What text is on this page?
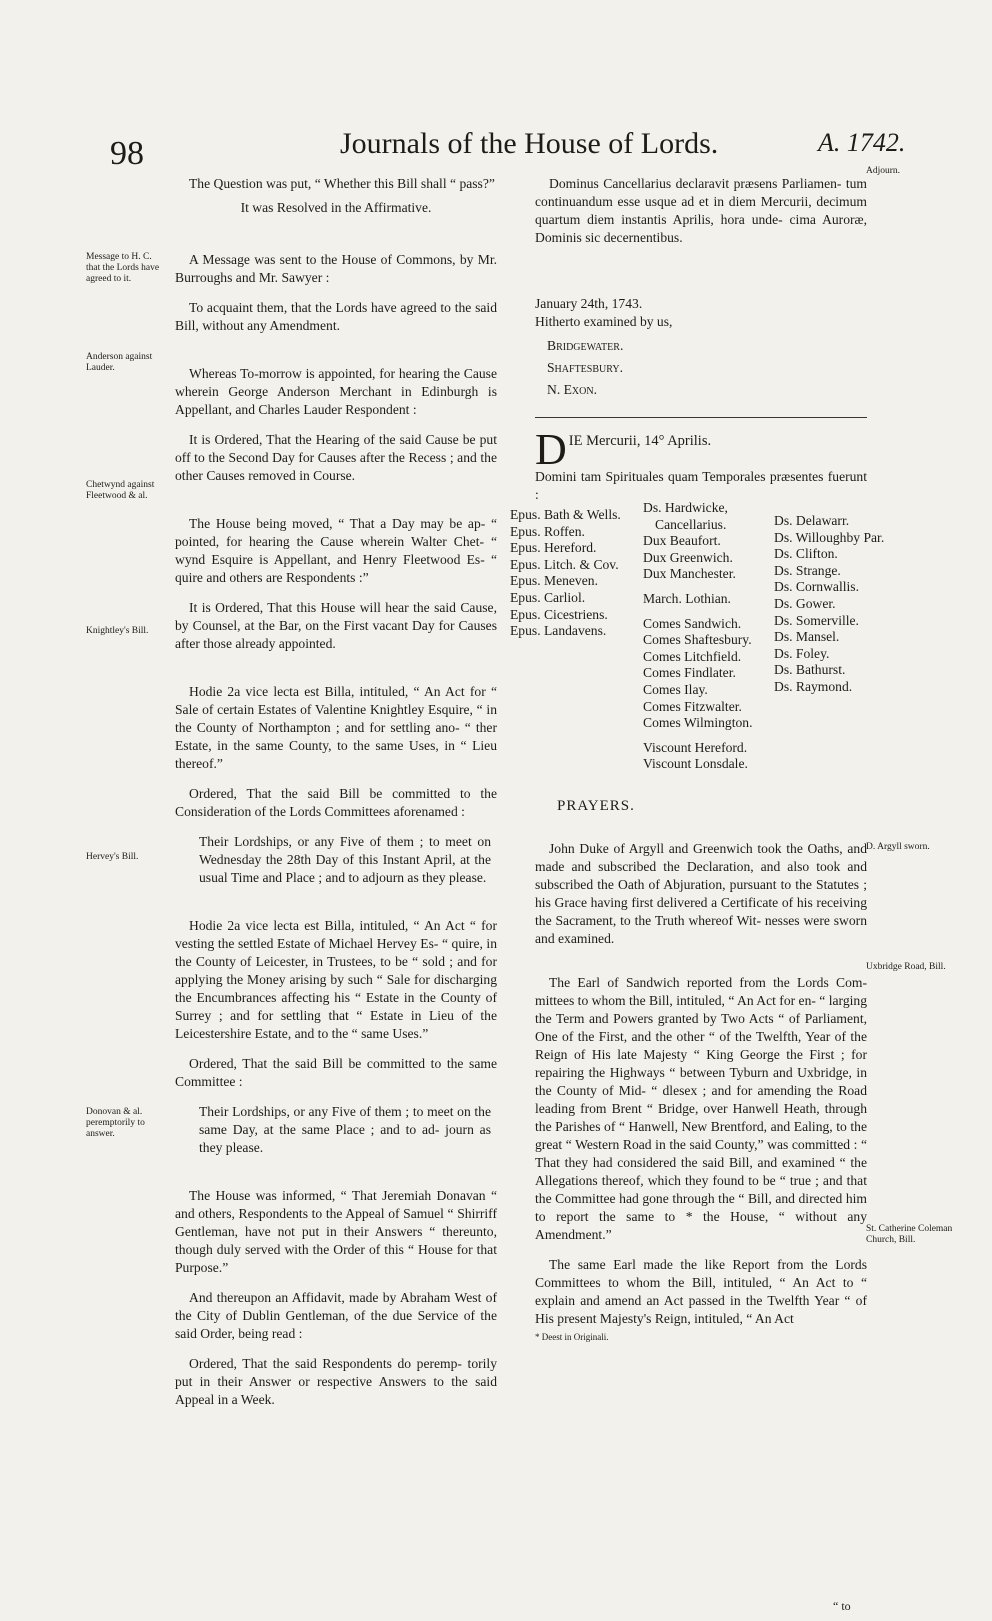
98	Journals of the House of Lords.	A. 1742.
Message to H. C. that the Lords have agreed to it.
Anderson against Lauder.
Chetwynd against Fleetwood & al.
Knightley's Bill.
Hervey's Bill.
Donovan & al. peremptorily to answer.
Adjourn.
D. Argyll sworn.
Uxbridge Road, Bill.
St. Catherine Coleman Church, Bill.

The Question was put, “ Whether this Bill shall “ pass?”

It was Resolved in the Affirmative.

A Message was sent to the House of Commons, by Mr. Burroughs and Mr. Sawyer :

To acquaint them, that the Lords have agreed to the said Bill, without any Amendment.

Whereas To-morrow is appointed, for hearing the Cause wherein George Anderson Merchant in Edinburgh is Appellant, and Charles Lauder Respondent :

It is Ordered, That the Hearing of the said Cause be put off to the Second Day for Causes after the Recess ; and the other Causes removed in Course.

The House being moved, “ That a Day may be ap- “ pointed, for hearing the Cause wherein Walter Chet- “ wynd Esquire is Appellant, and Henry Fleetwood Es- “ quire and others are Respondents :”

It is Ordered, That this House will hear the said Cause, by Counsel, at the Bar, on the First vacant Day for Causes after those already appointed.

Hodie 2a vice lecta est Billa, intituled, “ An Act for “ Sale of certain Estates of Valentine Knightley Esquire, “ in the County of Northampton ; and for settling ano- “ ther Estate, in the same County, to the same Uses, in “ Lieu thereof.”

Ordered, That the said Bill be committed to the Consideration of the Lords Committees aforenamed :

Their Lordships, or any Five of them ; to meet on Wednesday the 28th Day of this Instant April, at the usual Time and Place ; and to adjourn as they please.

Hodie 2a vice lecta est Billa, intituled, “ An Act “ for vesting the settled Estate of Michael Hervey Es- “ quire, in the County of Leicester, in Trustees, to be “ sold ; and for applying the Money arising by such “ Sale for discharging the Encumbrances affecting his “ Estate in the County of Surrey ; and for settling that “ Estate in Lieu of the Leicestershire Estate, and to the “ same Uses.”

Ordered, That the said Bill be committed to the same Committee :

Their Lordships, or any Five of them ; to meet on the same Day, at the same Place ; and to ad- journ as they please.

The House was informed, “ That Jeremiah Donavan “ and others, Respondents to the Appeal of Samuel “ Shirriff Gentleman, have not put in their Answers “ thereunto, though duly served with the Order of this “ House for that Purpose.”

And thereupon an Affidavit, made by Abraham West of the City of Dublin Gentleman, of the due Service of the said Order, being read :

Ordered, That the said Respondents do peremp- torily put in their Answer or respective Answers to the said Appeal in a Week.

Dominus Cancellarius declaravit præsens Parliamen- tum continuandum esse usque ad et in diem Mercurii, decimum quartum diem instantis Aprilis, hora unde- cima Auroræ, Dominis sic decernentibus.

January 24th, 1743.

Hitherto examined by us,

Bridgewater.
Shaftesbury.
N. Exon.
D IE Mercurii, 14° Aprilis.

Domini tam Spirituales quam Temporales præsentes fuerunt :

Epus. Bath & Wells.
Epus. Roffen.
Epus. Hereford.
Epus. Litch. & Cov.
Epus. Meneven.
Epus. Carliol.
Epus. Cicestriens.
Epus. Landavens.
Ds. Hardwicke,
Cancellarius.
Dux Beaufort.
Dux Greenwich.
Dux Manchester.
March. Lothian.
Comes Sandwich.
Comes Shaftesbury.
Comes Litchfield.
Comes Findlater.
Comes Ilay.
Comes Fitzwalter.
Comes Wilmington.
Viscount Hereford.
Viscount Lonsdale.
Ds. Delawarr.
Ds. Willoughby Par.
Ds. Clifton.
Ds. Strange.
Ds. Cornwallis.
Ds. Gower.
Ds. Somerville.
Ds. Mansel.
Ds. Foley.
Ds. Bathurst.
Ds. Raymond.
PRAYERS.

John Duke of Argyll and Greenwich took the Oaths, and made and subscribed the Declaration, and also took and subscribed the Oath of Abjuration, pursuant to the Statutes ; his Grace having first delivered a Certificate of his receiving the Sacrament, to the Truth whereof Wit- nesses were sworn and examined.

The Earl of Sandwich reported from the Lords Com- mittees to whom the Bill, intituled, “ An Act for en- “ larging the Term and Powers granted by Two Acts “ of Parliament, One of the First, and the other “ of the Twelfth, Year of the Reign of His late Majesty “ King George the First ; for repairing the Highways “ between Tyburn and Uxbridge, in the County of Mid- “ dlesex ; and for amending the Road leading from Brent “ Bridge, over Hanwell Heath, through the Parishes of “ Hanwell, New Brentford, and Ealing, to the great “ Western Road in the said County,” was committed : “ That they had considered the said Bill, and examined “ the Allegations thereof, which they found to be “ true ; and that the Committee had gone through the “ Bill, and directed him to report the same to * the House, “ without any Amendment.”

The same Earl made the like Report from the Lords Committees to whom the Bill, intituled, “ An Act to “ explain and amend an Act passed in the Twelfth Year “ of His present Majesty's Reign, intituled, “ An Act

* Deest in Originali.

“ to
